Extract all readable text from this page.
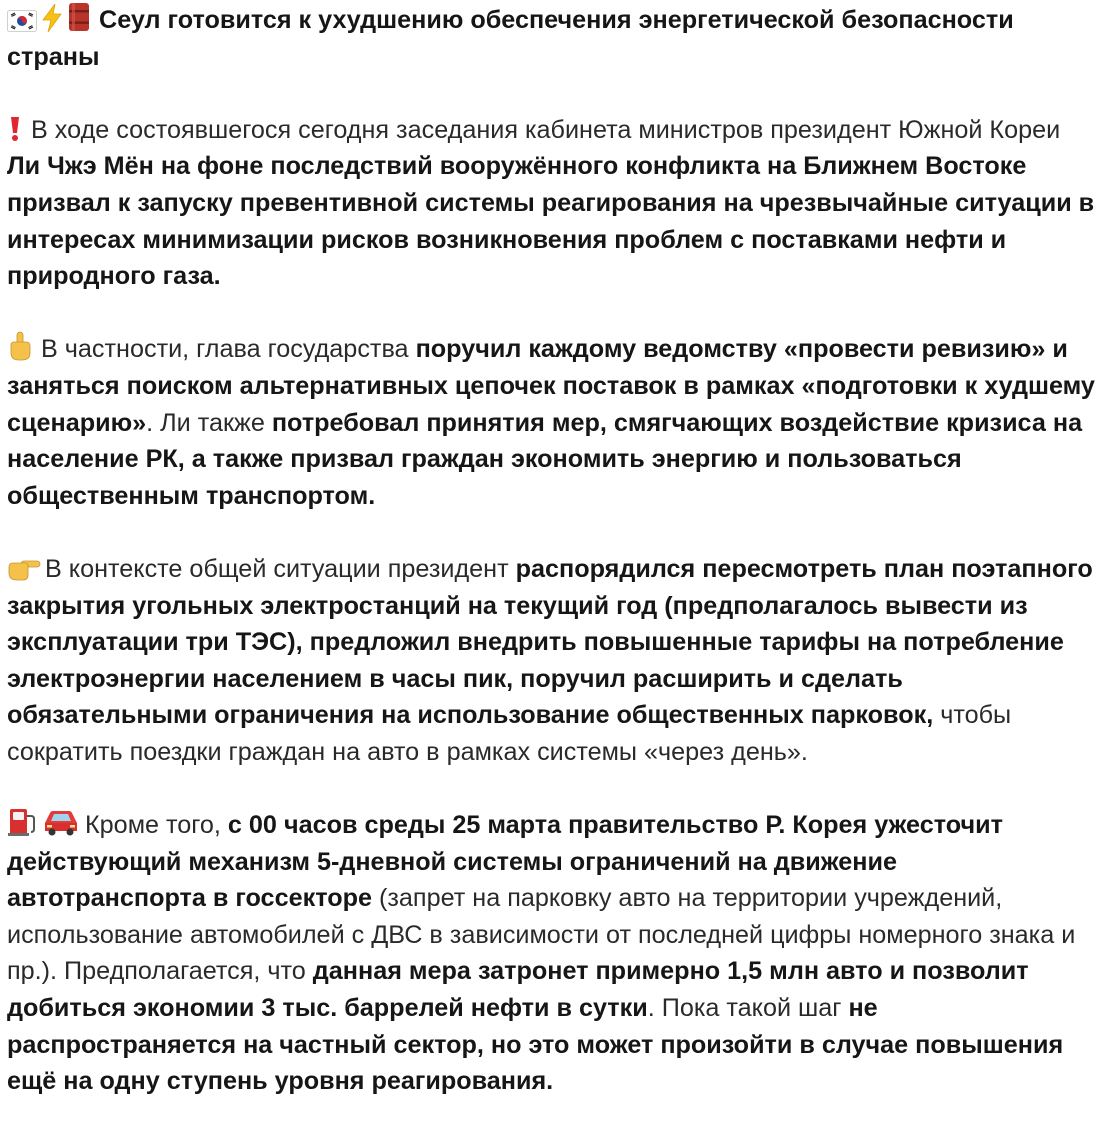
Сеул готовится к ухудшению обеспечения энергетической безопасности страны

В ходе состоявшегося сегодня заседания кабинета министров президент Южной Кореи Ли Чжэ Мён на фоне последствий вооружённого конфликта на Ближнем Востоке призвал к запуску превентивной системы реагирования на чрезвычайные ситуации в интересах минимизации рисков возникновения проблем с поставками нефти и природного газа.

В частности, глава государства поручил каждому ведомству «провести ревизию» и заняться поиском альтернативных цепочек поставок в рамках «подготовки к худшему сценарию». Ли также потребовал принятия мер, смягчающих воздействие кризиса на население РК, а также призвал граждан экономить энергию и пользоваться общественным транспортом.

В контексте общей ситуации президент распорядился пересмотреть план поэтапного закрытия угольных электростанций на текущий год (предполагалось вывести из эксплуатации три ТЭС), предложил внедрить повышенные тарифы на потребление электроэнергии населением в часы пик, поручил расширить и сделать обязательными ограничения на использование общественных парковок, чтобы сократить поездки граждан на авто в рамках системы «через день».

Кроме того, с 00 часов среды 25 марта правительство Р. Корея ужесточит действующий механизм 5-дневной системы ограничений на движение автотранспорта в госсекторе (запрет на парковку авто на территории учреждений, использование автомобилей с ДВС в зависимости от последней цифры номерного знака и пр.). Предполагается, что данная мера затронет примерно 1,5 млн авто и позволит добиться экономии 3 тыс. баррелей нефти в сутки. Пока такой шаг не распространяется на частный сектор, но это может произойти в случае повышения ещё на одну ступень уровня реагирования.
